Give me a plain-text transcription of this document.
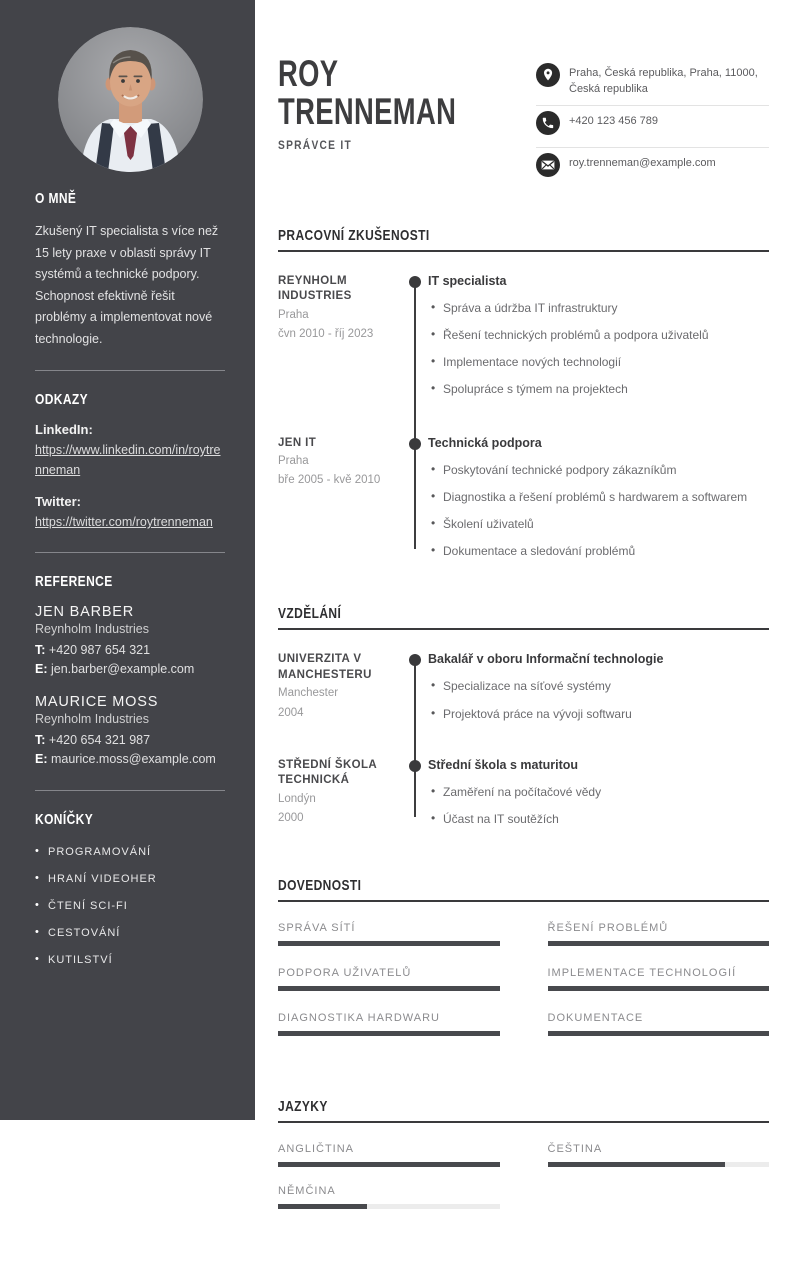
O MNĚ

Zkušený IT specialista s více než 15 lety praxe v oblasti správy IT systémů a technické podpory. Schopnost efektivně řešit problémy a implementovat nové technologie.

ODKAZY
LinkedIn:
https://www.linkedin.com/in/roytrenneman
Twitter:
https://twitter.com/roytrenneman
REFERENCE
JEN BARBER
Reynholm Industries
T: +420 987 654 321
E: jen.barber@example.com
MAURICE MOSS
Reynholm Industries
T: +420 654 321 987
E: maurice.moss@example.com
KONÍČKY
• PROGRAMOVÁNÍ
• HRANÍ VIDEOHER
• ČTENÍ SCI-FI
• CESTOVÁNÍ
• KUTILSTVÍ
ROY
TRENNEMAN
SPRÁVCE IT
Praha, Česká republika, Praha, 11000, Česká republika
+420 123 456 789
roy.trenneman@example.com
PRACOVNÍ ZKUŠENOSTI
REYNHOLM INDUSTRIES
Praha
čvn 2010 - říj 2023
IT specialista
• Správa a údržba IT infrastruktury
• Řešení technických problémů a podpora uživatelů
• Implementace nových technologií
• Spolupráce s týmem na projektech
JEN IT
Praha
bře 2005 - kvě 2010
Technická podpora
• Poskytování technické podpory zákazníkům
• Diagnostika a řešení problémů s hardwarem a softwarem
• Školení uživatelů
• Dokumentace a sledování problémů
VZDĚLÁNÍ
UNIVERZITA V MANCHESTERU
Manchester
2004
Bakalář v oboru Informační technologie
• Specializace na síťové systémy
• Projektová práce na vývoji softwaru
STŘEDNÍ ŠKOLA TECHNICKÁ
Londýn
2000
Střední škola s maturitou
• Zaměření na počítačové vědy
• Účast na IT soutěžích
DOVEDNOSTI
SPRÁVA SÍTÍ	ŘEŠENÍ PROBLÉMŮ
PODPORA UŽIVATELŮ	IMPLEMENTACE TECHNOLOGIÍ
DIAGNOSTIKA HARDWARU	DOKUMENTACE
JAZYKY
ANGLIČTINA	ČEŠTINA
NĚMČINA
